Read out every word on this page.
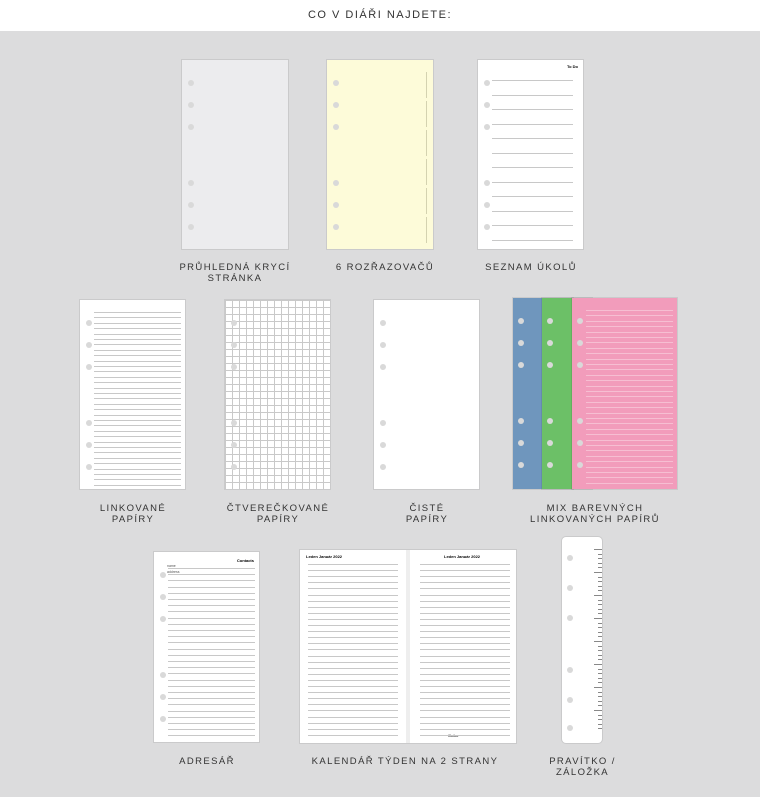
CO V DIÁŘI NAJDETE:
PRŮHLEDNÁ KRYCÍ
STRÁNKA
6 ROZŘAZOVAČŮ
To Do
SEZNAM ÚKOLŮ
LINKOVANÉ
PAPÍRY
ČTVEREČKOVANÉ
PAPÍRY
ČISTÉ
PAPÍRY
MIX BAREVNÝCH
LINKOVANÝCH PAPÍRŮ
Contacts
name
address
ADRESÁŘ
Leden Január 2022	Leden Január 2022
KALENDÁŘ TÝDEN NA 2 STRANY	PRAVÍTKO /
ZÁLOŽKA
